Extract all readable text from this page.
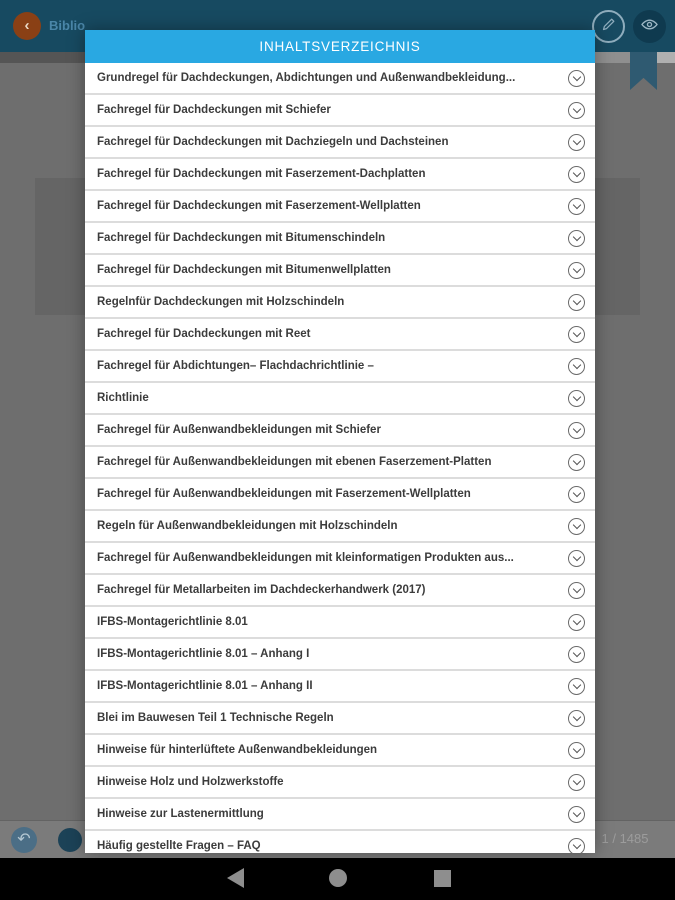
‹ Biblio
↶	1 / 1485
INHALTSVERZEICHNIS
Grundregel für Dachdeckungen, Abdichtungen und Außenwandbekleidung...
Fachregel für Dachdeckungen mit Schiefer
Fachregel für Dachdeckungen mit Dachziegeln und Dachsteinen
Fachregel für Dachdeckungen mit Faserzement-Dachplatten
Fachregel für Dachdeckungen mit Faserzement-Wellplatten
Fachregel für Dachdeckungen mit Bitumenschindeln
Fachregel für Dachdeckungen mit Bitumenwellplatten
Regelnfür Dachdeckungen mit Holzschindeln
Fachregel für Dachdeckungen mit Reet
Fachregel für Abdichtungen– Flachdachrichtlinie –
Richtlinie
Fachregel für Außenwandbekleidungen mit Schiefer
Fachregel für Außenwandbekleidungen mit ebenen Faserzement-Platten
Fachregel für Außenwandbekleidungen mit Faserzement-Wellplatten
Regeln für Außenwandbekleidungen mit Holzschindeln
Fachregel für Außenwandbekleidungen mit kleinformatigen Produkten aus...
Fachregel für Metallarbeiten im Dachdeckerhandwerk (2017)
IFBS-Montagerichtlinie 8.01
IFBS-Montagerichtlinie 8.01 – Anhang I
IFBS-Montagerichtlinie 8.01 – Anhang II
Blei im Bauwesen Teil 1 Technische Regeln
Hinweise für hinterlüftete Außenwandbekleidungen
Hinweise Holz und Holzwerkstoffe
Hinweise zur Lastenermittlung
Häufig gestellte Fragen – FAQ
